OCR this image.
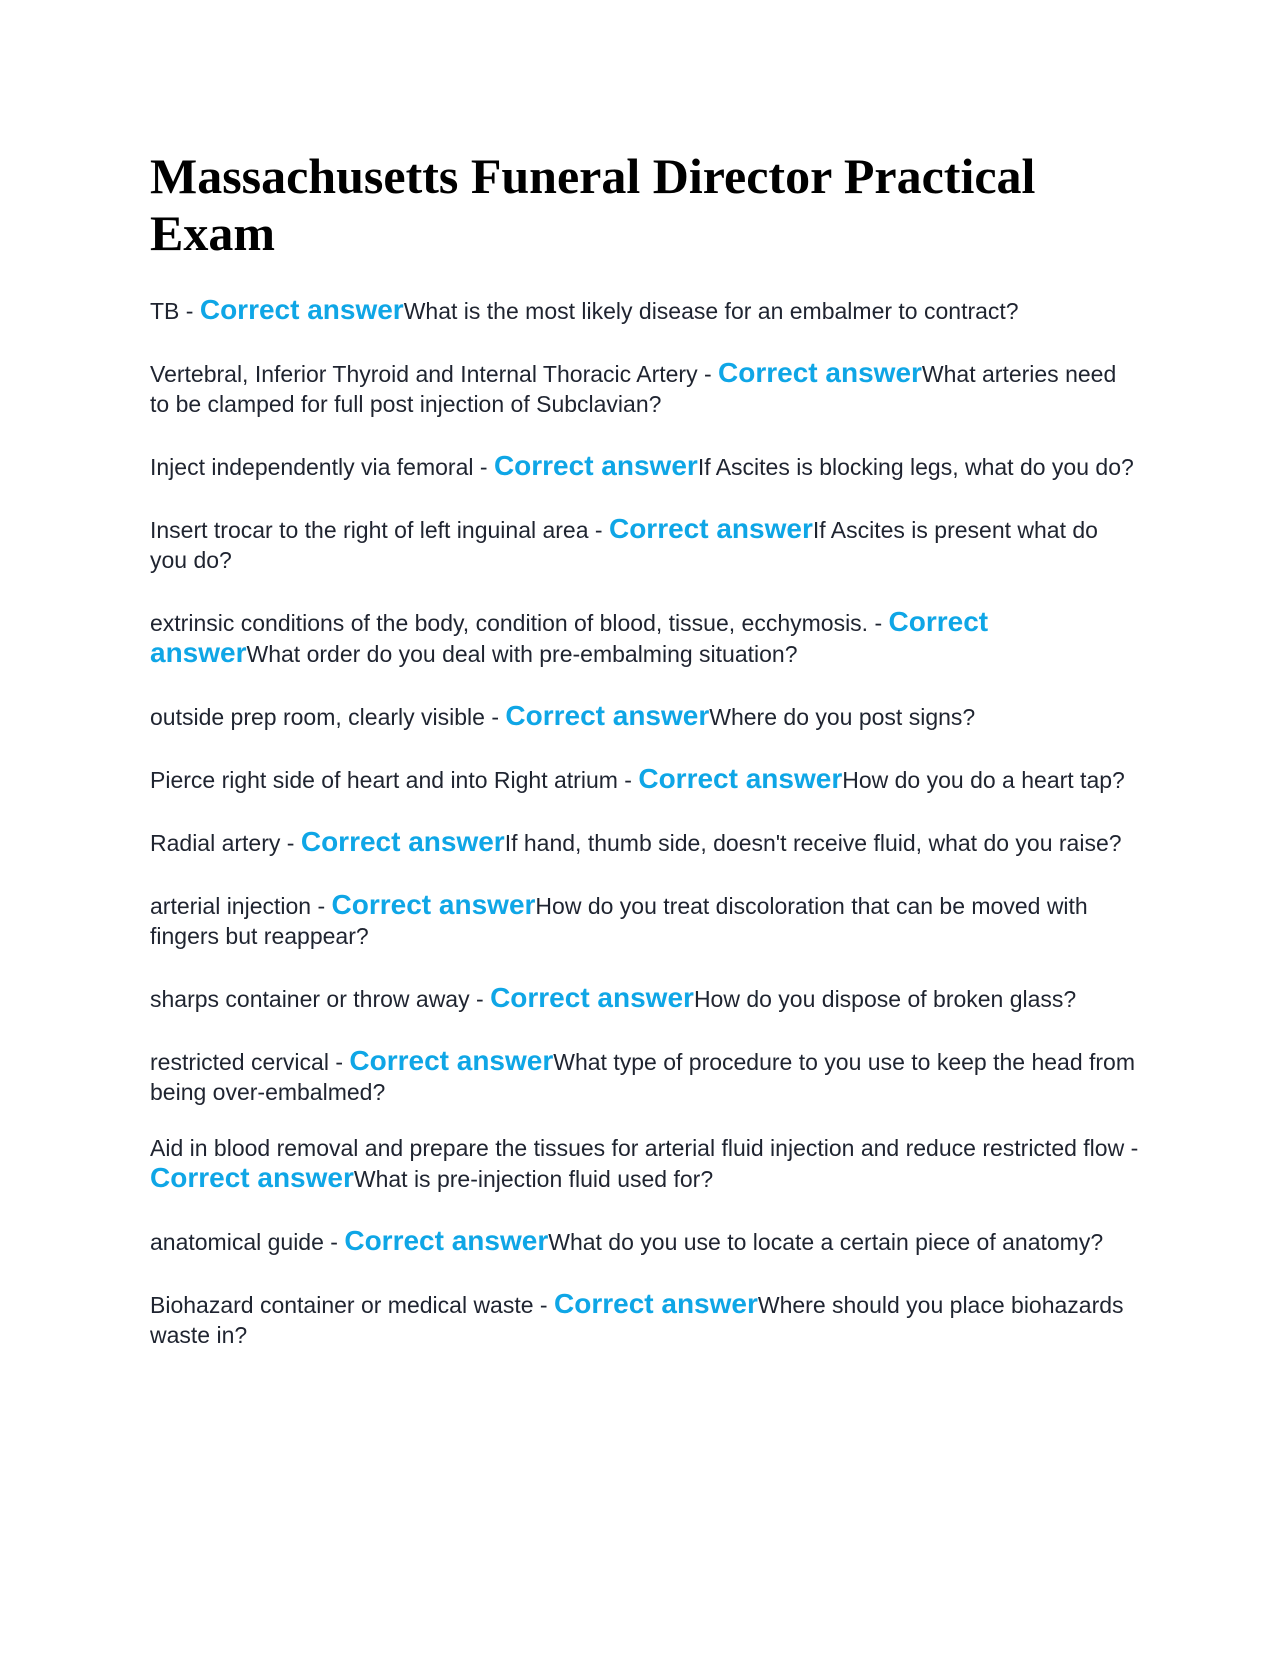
Massachusetts Funeral Director Practical Exam

TB - Correct answerWhat is the most likely disease for an embalmer to contract?

Vertebral, Inferior Thyroid and Internal Thoracic Artery - Correct answerWhat arteries need to be clamped for full post injection of Subclavian?

Inject independently via femoral - Correct answerIf Ascites is blocking legs, what do you do?

Insert trocar to the right of left inguinal area - Correct answerIf Ascites is present what do you do?

extrinsic conditions of the body, condition of blood, tissue, ecchymosis. - Correct answerWhat order do you deal with pre-embalming situation?

outside prep room, clearly visible - Correct answerWhere do you post signs?

Pierce right side of heart and into Right atrium - Correct answerHow do you do a heart tap?

Radial artery - Correct answerIf hand, thumb side, doesn't receive fluid, what do you raise?

arterial injection - Correct answerHow do you treat discoloration that can be moved with fingers but reappear?

sharps container or throw away - Correct answerHow do you dispose of broken glass?

restricted cervical - Correct answerWhat type of procedure to you use to keep the head from being over-embalmed?

Aid in blood removal and prepare the tissues for arterial fluid injection and reduce restricted flow - Correct answerWhat is pre-injection fluid used for?

anatomical guide - Correct answerWhat do you use to locate a certain piece of anatomy?

Biohazard container or medical waste - Correct answerWhere should you place biohazards waste in?
